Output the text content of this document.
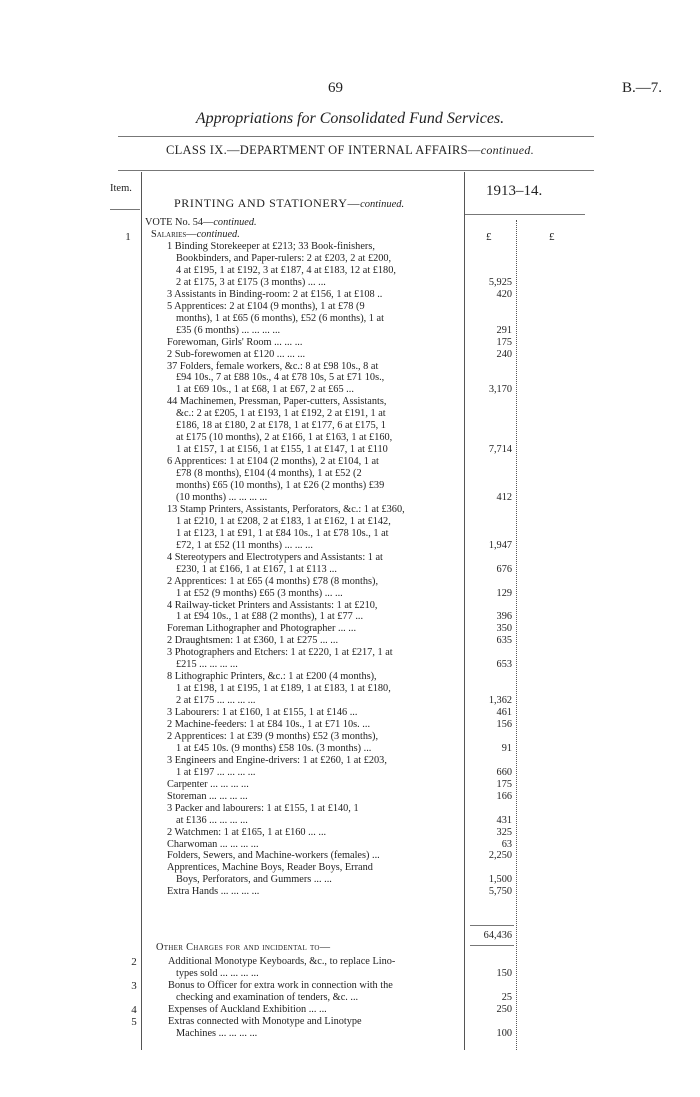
69	B.—7.
Appropriations for Consolidated Fund Services.
CLASS IX.—DEPARTMENT OF INTERNAL AFFAIRS—continued.
Item.
PRINTING AND STATIONERY—continued.
1913–14.
£	£
VOTE No. 54—continued.
Salaries—continued.
1
1 Binding Storekeeper at £213; 33 Book-finishers,
Bookbinders, and Paper-rulers: 2 at £203, 2 at £200,
4 at £195, 1 at £192, 3 at £187, 4 at £183, 12 at £180,
2 at £175, 3 at £175 (3 months) ... ...	5,925
3 Assistants in Binding-room: 2 at £156, 1 at £108 ..	420
5 Apprentices: 2 at £104 (9 months), 1 at £78 (9
months), 1 at £65 (6 months), £52 (6 months), 1 at
£35 (6 months) ... ... ... ...	291
Forewoman, Girls' Room ... ... ...	175
2 Sub-forewomen at £120 ... ... ...	240
37 Folders, female workers, &c.: 8 at £98 10s., 8 at
£94 10s., 7 at £88 10s., 4 at £78 10s, 5 at £71 10s.,
1 at £69 10s., 1 at £68, 1 at £67, 2 at £65 ...	3,170
44 Machinemen, Pressman, Paper-cutters, Assistants,
&c.: 2 at £205, 1 at £193, 1 at £192, 2 at £191, 1 at
£186, 18 at £180, 2 at £178, 1 at £177, 6 at £175, 1
at £175 (10 months), 2 at £166, 1 at £163, 1 at £160,
1 at £157, 1 at £156, 1 at £155, 1 at £147, 1 at £110	7,714
6 Apprentices: 1 at £104 (2 months), 2 at £104, 1 at
£78 (8 months), £104 (4 months), 1 at £52 (2
months) £65 (10 months), 1 at £26 (2 months) £39
(10 months) ... ... ... ...	412
13 Stamp Printers, Assistants, Perforators, &c.: 1 at £360,
1 at £210, 1 at £208, 2 at £183, 1 at £162, 1 at £142,
1 at £123, 1 at £91, 1 at £84 10s., 1 at £78 10s., 1 at
£72, 1 at £52 (11 months) ... ... ...	1,947
4 Stereotypers and Electrotypers and Assistants: 1 at
£230, 1 at £166, 1 at £167, 1 at £113 ...	676
2 Apprentices: 1 at £65 (4 months) £78 (8 months),
1 at £52 (9 months) £65 (3 months) ... ...	129
4 Railway-ticket Printers and Assistants: 1 at £210,
1 at £94 10s., 1 at £88 (2 months), 1 at £77 ...	396
Foreman Lithographer and Photographer ... ...	350
2 Draughtsmen: 1 at £360, 1 at £275 ... ...	635
3 Photographers and Etchers: 1 at £220, 1 at £217, 1 at
£215 ... ... ... ...	653
8 Lithographic Printers, &c.: 1 at £200 (4 months),
1 at £198, 1 at £195, 1 at £189, 1 at £183, 1 at £180,
2 at £175 ... ... ... ...	1,362
3 Labourers: 1 at £160, 1 at £155, 1 at £146 ...	461
2 Machine-feeders: 1 at £84 10s., 1 at £71 10s. ...	156
2 Apprentices: 1 at £39 (9 months) £52 (3 months),
1 at £45 10s. (9 months) £58 10s. (3 months) ...	91
3 Engineers and Engine-drivers: 1 at £260, 1 at £203,
1 at £197 ... ... ... ...	660
Carpenter ... ... ... ...	175
Storeman ... ... ... ...	166
3 Packer and labourers: 1 at £155, 1 at £140, 1
at £136 ... ... ... ...	431
2 Watchmen: 1 at £165, 1 at £160 ... ...	325
Charwoman ... ... ... ...	63
Folders, Sewers, and Machine-workers (females) ...	2,250
Apprentices, Machine Boys, Reader Boys, Errand
Boys, Perforators, and Gummers ... ...	1,500
Extra Hands ... ... ... ...	5,750
64,436
Other Charges for and incidental to—
2	Additional Monotype Keyboards, &c., to replace Lino-
types sold ... ... ... ...	150
3	Bonus to Officer for extra work in connection with the
checking and examination of tenders, &c. ...	25
4	Expenses of Auckland Exhibition ... ...	250
5	Extras connected with Monotype and Linotype
Machines ... ... ... ...	100
